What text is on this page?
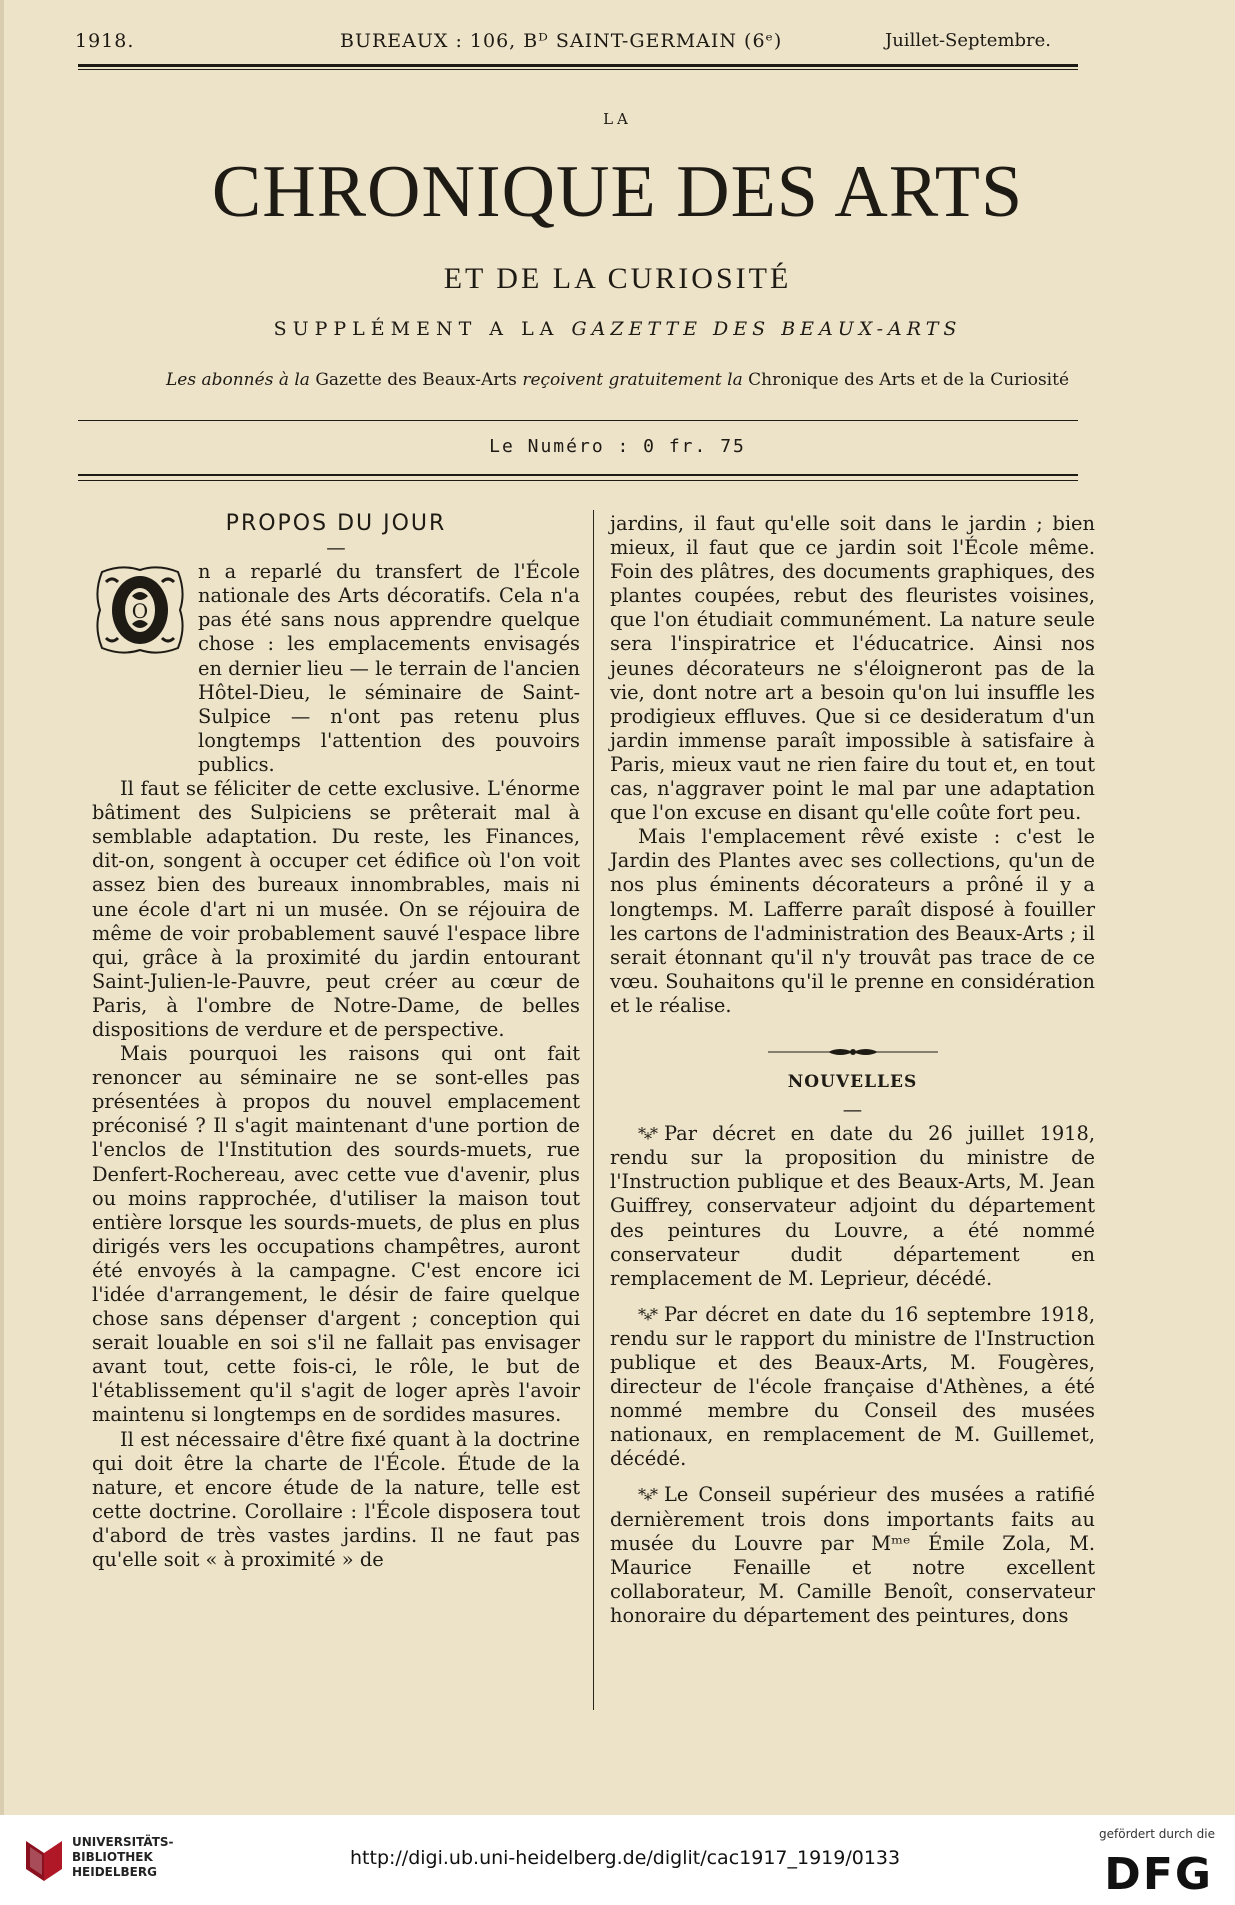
1918.	BUREAUX : 106, Bᴰ SAINT-GERMAIN (6ᵉ)	Juillet-Septembre.
LA
CHRONIQUE DES ARTS
ET DE LA CURIOSITÉ
SUPPLÉMENT A LA GAZETTE DES BEAUX-ARTS
Les abonnés à la Gazette des Beaux-Arts reçoivent gratuitement la Chronique des Arts et de la Curiosité
Le Numéro : 0 fr. 75

PROPOS DU JOUR

—

O

n a reparlé du transfert de l'École nationale des Arts décoratifs. Cela n'a pas été sans nous apprendre quelque chose : les emplacements envisagés en dernier lieu — le terrain de l'ancien Hôtel-Dieu, le séminaire de Saint-Sulpice — n'ont pas retenu plus longtemps l'attention des pouvoirs publics.

Il faut se féliciter de cette exclusive. L'énorme bâtiment des Sulpiciens se prêterait mal à semblable adaptation. Du reste, les Finances, dit-on, songent à occuper cet édifice où l'on voit assez bien des bureaux innombrables, mais ni une école d'art ni un musée. On se réjouira de même de voir probablement sauvé l'espace libre qui, grâce à la proximité du jardin entourant Saint-Julien-le-Pauvre, peut créer au cœur de Paris, à l'ombre de Notre-Dame, de belles dispositions de verdure et de perspective.

Mais pourquoi les raisons qui ont fait renoncer au séminaire ne se sont-elles pas présentées à propos du nouvel emplacement préconisé ? Il s'agit maintenant d'une portion de l'enclos de l'Institution des sourds-muets, rue Denfert-Rochereau, avec cette vue d'avenir, plus ou moins rapprochée, d'utiliser la maison tout entière lorsque les sourds-muets, de plus en plus dirigés vers les occupations champêtres, auront été envoyés à la campagne. C'est encore ici l'idée d'arrangement, le désir de faire quelque chose sans dépenser d'argent ; conception qui serait louable en soi s'il ne fallait pas envisager avant tout, cette fois-ci, le rôle, le but de l'établissement qu'il s'agit de loger après l'avoir maintenu si longtemps en de sordides masures.

Il est nécessaire d'être fixé quant à la doctrine qui doit être la charte de l'École. Étude de la nature, et encore étude de la nature, telle est cette doctrine. Corollaire : l'École disposera tout d'abord de très vastes jardins. Il ne faut pas qu'elle soit « à proximité » de

jardins, il faut qu'elle soit dans le jardin ; bien mieux, il faut que ce jardin soit l'École même. Foin des plâtres, des documents graphiques, des plantes coupées, rebut des fleuristes voisines, que l'on étudiait communément. La nature seule sera l'inspiratrice et l'éducatrice. Ainsi nos jeunes décorateurs ne s'éloigneront pas de la vie, dont notre art a besoin qu'on lui insuffle les prodigieux effluves. Que si ce desideratum d'un jardin immense paraît impossible à satisfaire à Paris, mieux vaut ne rien faire du tout et, en tout cas, n'aggraver point le mal par une adaptation que l'on excuse en disant qu'elle coûte fort peu.

Mais l'emplacement rêvé existe : c'est le Jardin des Plantes avec ses collections, qu'un de nos plus éminents décorateurs a prôné il y a longtemps. M. Lafferre paraît disposé à fouiller les cartons de l'administration des Beaux-Arts ; il serait étonnant qu'il n'y trouvât pas trace de ce vœu. Souhaitons qu'il le prenne en considération et le réalise.

NOUVELLES

—

*⁎* Par décret en date du 26 juillet 1918, rendu sur la proposition du ministre de l'Instruction publique et des Beaux-Arts, M. Jean Guiffrey, conservateur adjoint du département des peintures du Louvre, a été nommé conservateur dudit département en remplacement de M. Leprieur, décédé.

*⁎* Par décret en date du 16 septembre 1918, rendu sur le rapport du ministre de l'Instruction publique et des Beaux-Arts, M. Fougères, directeur de l'école française d'Athènes, a été nommé membre du Conseil des musées nationaux, en remplacement de M. Guillemet, décédé.

*⁎* Le Conseil supérieur des musées a ratifié dernièrement trois dons importants faits au musée du Louvre par Mᵐᵉ Émile Zola, M. Maurice Fenaille et notre excellent collaborateur, M. Camille Benoît, conservateur honoraire du département des peintures, dons

UNIVERSITÄTS-
BIBLIOTHEK
HEIDELBERG
http://digi.ub.uni-heidelberg.de/diglit/cac1917_1919/0133
gefördert durch die
DFG
